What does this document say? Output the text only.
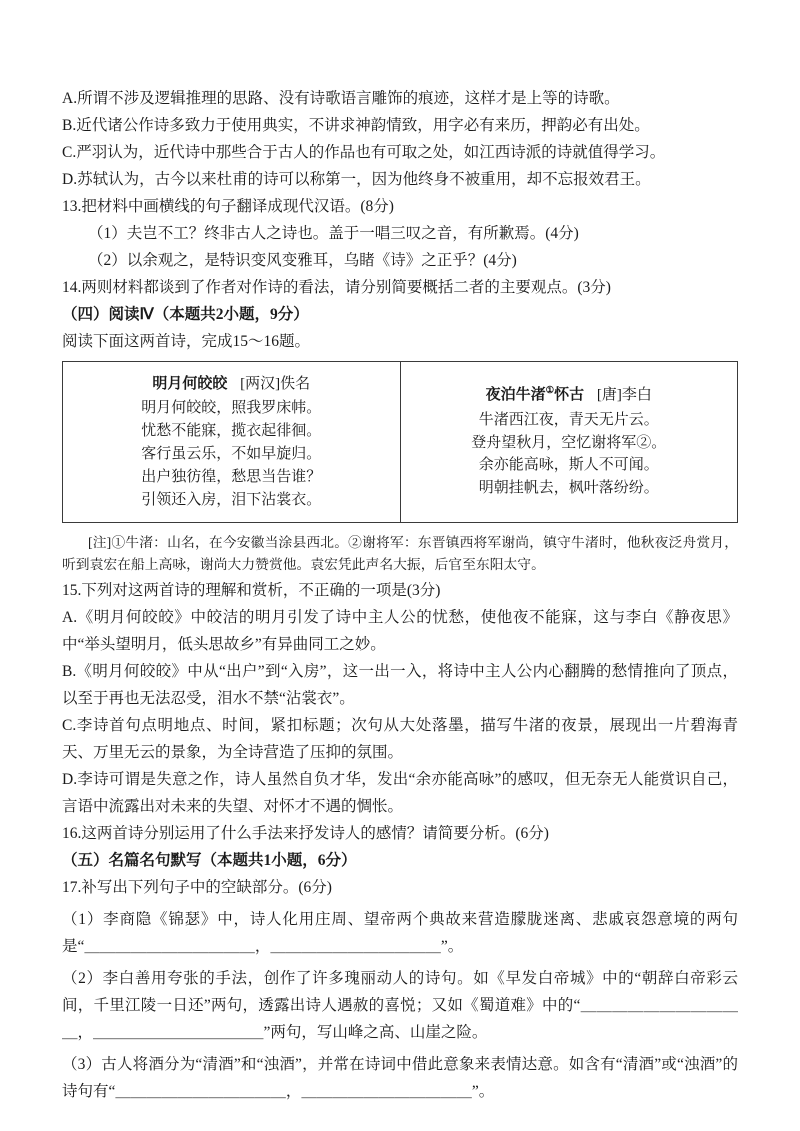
A.所谓不涉及逻辑推理的思路、没有诗歌语言雕饰的痕迹，这样才是上等的诗歌。

B.近代诸公作诗多致力于使用典实，不讲求神韵情致，用字必有来历，押韵必有出处。

C.严羽认为，近代诗中那些合于古人的作品也有可取之处，如江西诗派的诗就值得学习。

D.苏轼认为，古今以来杜甫的诗可以称第一，因为他终身不被重用，却不忘报效君王。

13.把材料中画横线的句子翻译成现代汉语。(8分)

（1）夫岂不工？终非古人之诗也。盖于一唱三叹之音，有所歉焉。(4分)

（2）以余观之，是特识变风变雅耳，乌睹《诗》之正乎？(4分)

14.两则材料都谈到了作者对作诗的看法，请分别简要概括二者的主要观点。(3分)

（四）阅读Ⅳ（本题共2小题，9分）

阅读下面这两首诗，完成15～16题。

明月何皎皎 [两汉]佚名
明月何皎皎，照我罗床帏。
忧愁不能寐，揽衣起徘徊。
客行虽云乐，不如早旋归。
出户独彷徨，愁思当告谁？
引领还入房，泪下沾裳衣。
夜泊牛渚①怀古 [唐]李白
牛渚西江夜，青天无片云。
登舟望秋月，空忆谢将军②。
余亦能高咏，斯人不可闻。
明朝挂帆去，枫叶落纷纷。

[注]①牛渚：山名，在今安徽当涂县西北。②谢将军：东晋镇西将军谢尚，镇守牛渚时，他秋夜泛舟赏月，听到袁宏在船上高咏，谢尚大力赞赏他。袁宏凭此声名大振，后官至东阳太守。

15.下列对这两首诗的理解和赏析，不正确的一项是(3分)

A.《明月何皎皎》中皎洁的明月引发了诗中主人公的忧愁，使他夜不能寐，这与李白《静夜思》中“举头望明月，低头思故乡”有异曲同工之妙。

B.《明月何皎皎》中从“出户”到“入房”，这一出一入，将诗中主人公内心翻腾的愁情推向了顶点，以至于再也无法忍受，泪水不禁“沾裳衣”。

C.李诗首句点明地点、时间，紧扣标题；次句从大处落墨，描写牛渚的夜景，展现出一片碧海青天、万里无云的景象，为全诗营造了压抑的氛围。

D.李诗可谓是失意之作，诗人虽然自负才华，发出“余亦能高咏”的感叹，但无奈无人能赏识自己，言语中流露出对未来的失望、对怀才不遇的惆怅。

16.这两首诗分别运用了什么手法来抒发诗人的感情？请简要分析。(6分)

（五）名篇名句默写（本题共1小题，6分）

17.补写出下列句子中的空缺部分。(6分)

（1）李商隐《锦瑟》中，诗人化用庄周、望帝两个典故来营造朦胧迷离、悲戚哀怨意境的两句是“＿＿＿＿＿＿＿＿＿＿＿，＿＿＿＿＿＿＿＿＿＿＿”。

（2）李白善用夸张的手法，创作了许多瑰丽动人的诗句。如《早发白帝城》中的“朝辞白帝彩云间，千里江陵一日还”两句，透露出诗人遇赦的喜悦；又如《蜀道难》中的“＿＿＿＿＿＿＿＿＿＿＿，＿＿＿＿＿＿＿＿＿＿＿”两句，写山峰之高、山崖之险。

（3）古人将酒分为“清酒”和“浊酒”，并常在诗词中借此意象来表情达意。如含有“清酒”或“浊酒”的诗句有“＿＿＿＿＿＿＿＿＿＿＿，＿＿＿＿＿＿＿＿＿＿＿”。
